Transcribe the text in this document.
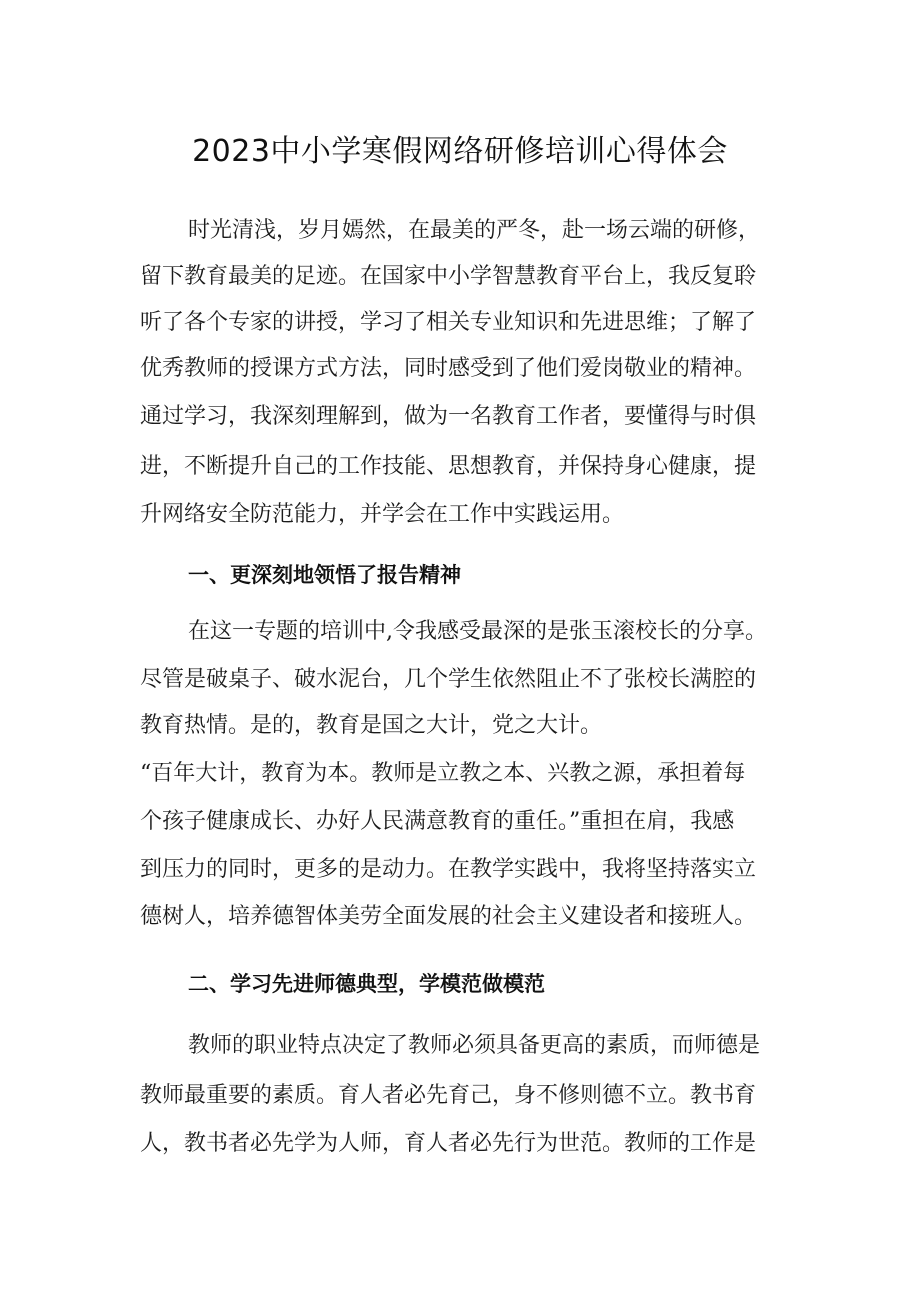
2023中小学寒假网络研修培训心得体会
时光清浅，岁月嫣然，在最美的严冬，赴一场云端的研修，
留下教育最美的足迹。在国家中小学智慧教育平台上，我反复聆
听了各个专家的讲授，学习了相关专业知识和先进思维；了解了
优秀教师的授课方式方法，同时感受到了他们爱岗敬业的精神。
通过学习，我深刻理解到，做为一名教育工作者，要懂得与时俱
进，不断提升自己的工作技能、思想教育，并保持身心健康，提
升网络安全防范能力，并学会在工作中实践运用。
一、更深刻地领悟了报告精神
在这一专题的培训中,令我感受最深的是张玉滚校长的分享。
尽管是破桌子、破水泥台，几个学生依然阻止不了张校长满腔的
教育热情。是的，教育是国之大计，党之大计。
“百年大计，教育为本。教师是立教之本、兴教之源，承担着每
个孩子健康成长、办好人民满意教育的重任。”重担在肩，我感
到压力的同时，更多的是动力。在教学实践中，我将坚持落实立
德树人，培养德智体美劳全面发展的社会主义建设者和接班人。
二、学习先进师德典型，学模范做模范
教师的职业特点决定了教师必须具备更高的素质，而师德是
教师最重要的素质。育人者必先育己，身不修则德不立。教书育
人，教书者必先学为人师，育人者必先行为世范。教师的工作是
